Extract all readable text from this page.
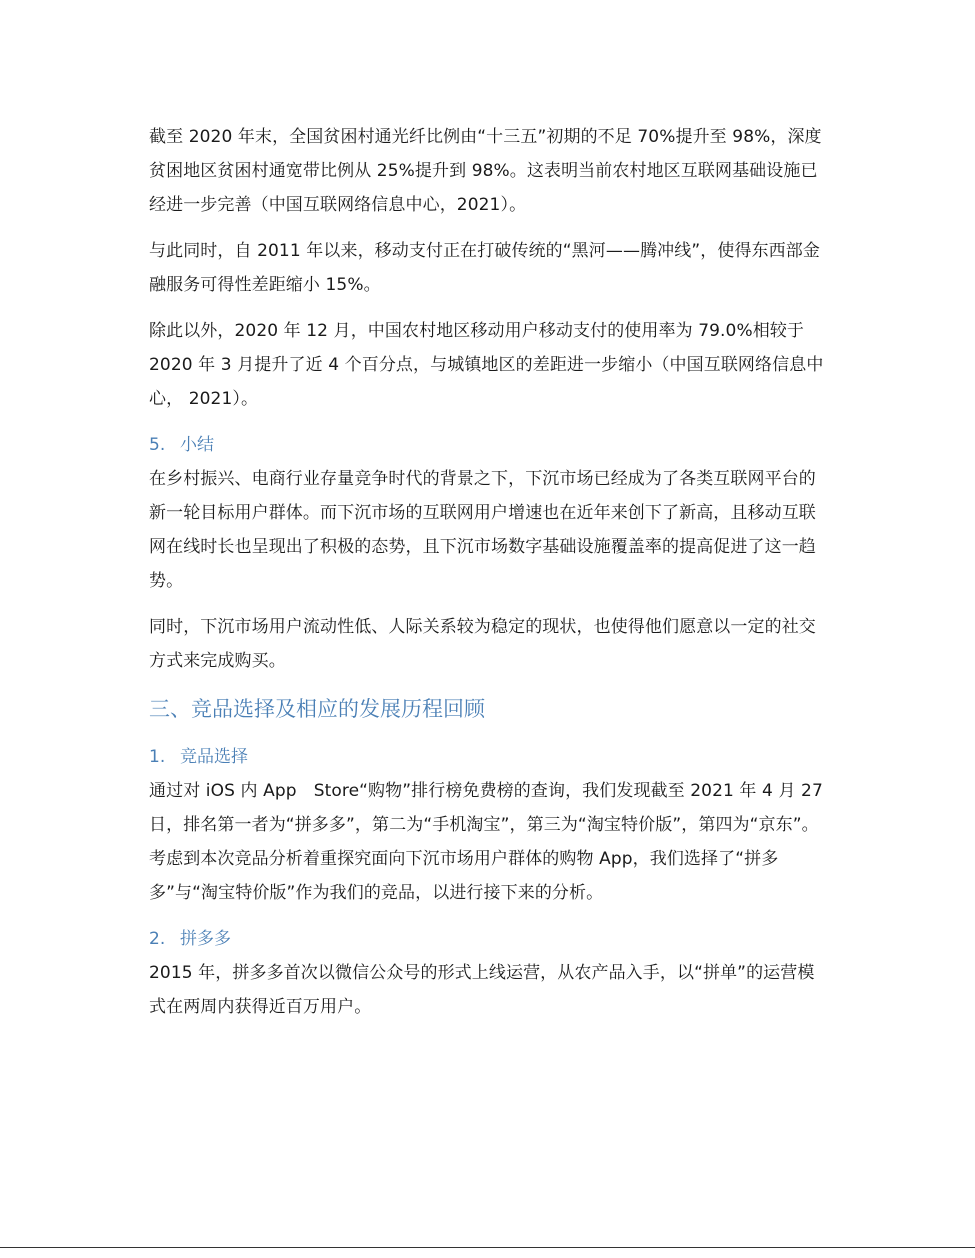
截至 2020 年末，全国贫困村通光纤比例由“十三五”初期的不足 70%提升至 98%，深度贫困地区贫困村通宽带比例从 25%提升到 98%。这表明当前农村地区互联网基础设施已经进一步完善（中国互联网络信息中心，2021）。

与此同时，自 2011 年以来，移动支付正在打破传统的“黑河——腾冲线”，使得东西部金融服务可得性差距缩小 15%。

除此以外，2020 年 12 月，中国农村地区移动用户移动支付的使用率为 79.0%相较于 2020 年 3 月提升了近 4 个百分点，与城镇地区的差距进一步缩小（中国互联网络信息中心， 2021）。

5. 小结

在乡村振兴、电商行业存量竞争时代的背景之下，下沉市场已经成为了各类互联网平台的新一轮目标用户群体。而下沉市场的互联网用户增速也在近年来创下了新高，且移动互联网在线时长也呈现出了积极的态势，且下沉市场数字基础设施覆盖率的提高促进了这一趋势。

同时，下沉市场用户流动性低、人际关系较为稳定的现状，也使得他们愿意以一定的社交方式来完成购买。

三、竞品选择及相应的发展历程回顾

1. 竞品选择

通过对 iOS 内 App　Store“购物”排行榜免费榜的查询，我们发现截至 2021 年 4 月 27 日，排名第一者为“拼多多”，第二为“手机淘宝”，第三为“淘宝特价版”，第四为“京东”。考虑到本次竞品分析着重探究面向下沉市场用户群体的购物 App，我们选择了“拼多多”与“淘宝特价版”作为我们的竞品，以进行接下来的分析。

2. 拼多多

2015 年，拼多多首次以微信公众号的形式上线运营，从农产品入手，以“拼单”的运营模式在两周内获得近百万用户。
